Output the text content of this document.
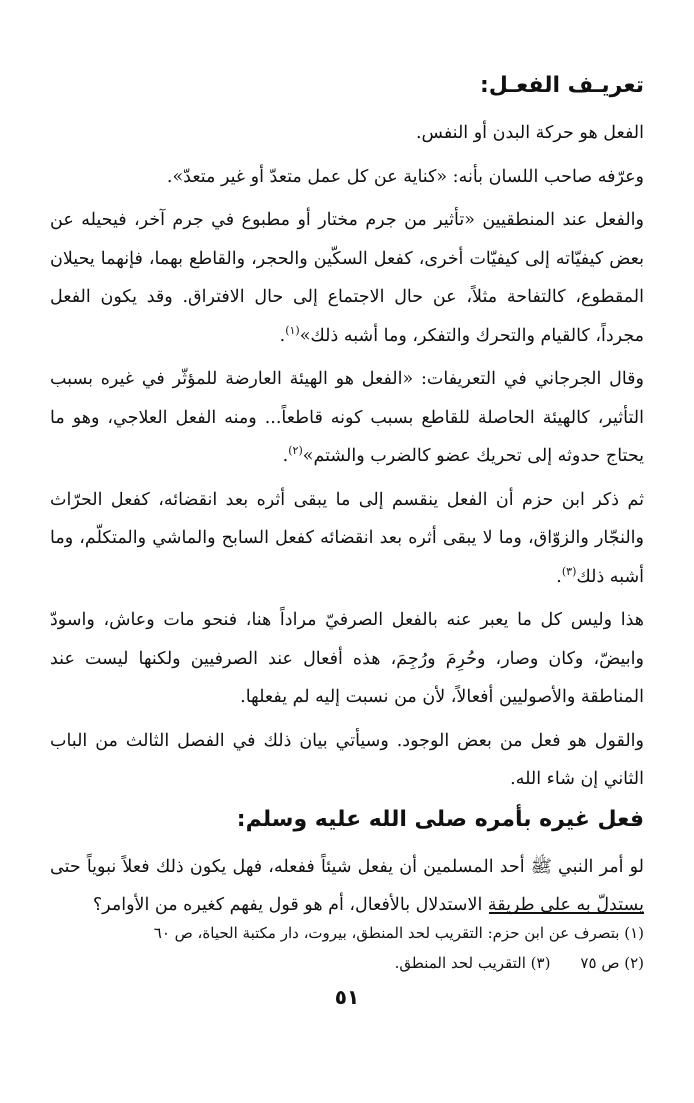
تعريـف الفعـل:

الفعل هو حركة البدن أو النفس.

وعرّفه صاحب اللسان بأنه: «كناية عن كل عمل متعدّ أو غير متعدّ».

والفعل عند المنطقيين «تأثير من جرم مختار أو مطبوع في جرم آخر، فيحيله عن بعض كيفيّاته إلى كيفيّات أخرى، كفعل السكّين والحجر، والقاطع بهما، فإنهما يحيلان المقطوع، كالتفاحة مثلاً، عن حال الاجتماع إلى حال الافتراق. وقد يكون الفعل مجرداً، كالقيام والتحرك والتفكر، وما أشبه ذلك»$^{(١)}$.

وقال الجرجاني في التعريفات: «الفعل هو الهيئة العارضة للمؤثّر في غيره بسبب التأثير، كالهيئة الحاصلة للقاطع بسبب كونه قاطعاً... ومنه الفعل العلاجي، وهو ما يحتاج حدوثه إلى تحريك عضو كالضرب والشتم»$^{(٢)}$.

ثم ذكر ابن حزم أن الفعل ينقسم إلى ما يبقى أثره بعد انقضائه، كفعل الحرّاث والنجّار والزوّاق، وما لا يبقى أثره بعد انقضائه كفعل السابح والماشي والمتكلّم، وما أشبه ذلك$^{(٣)}$.

هذا وليس كل ما يعبر عنه بالفعل الصرفيّ مراداً هنا، فنحو مات وعاش، واسودّ وابيضّ، وكان وصار، وحُرِمَ ورُجِمَ، هذه أفعال عند الصرفيين ولكنها ليست عند المناطقة والأصوليين أفعالاً، لأن من نسبت إليه لم يفعلها.

والقول هو فعل من بعض الوجود. وسيأتي بيان ذلك في الفصل الثالث من الباب الثاني إن شاء الله.

فعل غيره بأمره صلى الله عليه وسلم:

لو أمر النبي ﷺ أحد المسلمين أن يفعل شيئاً ففعله، فهل يكون ذلك فعلاً نبوياً حتى يستدلّ به على طريقة الاستدلال بالأفعال، أم هو قول يفهم كغيره من الأوامر؟

(١) بتصرف عن ابن حزم: التقريب لحد المنطق، بيروت، دار مكتبة الحياة، ص ٦٠
(٢) ص ٧٥
(٣) التقريب لحد المنطق.
٥١
